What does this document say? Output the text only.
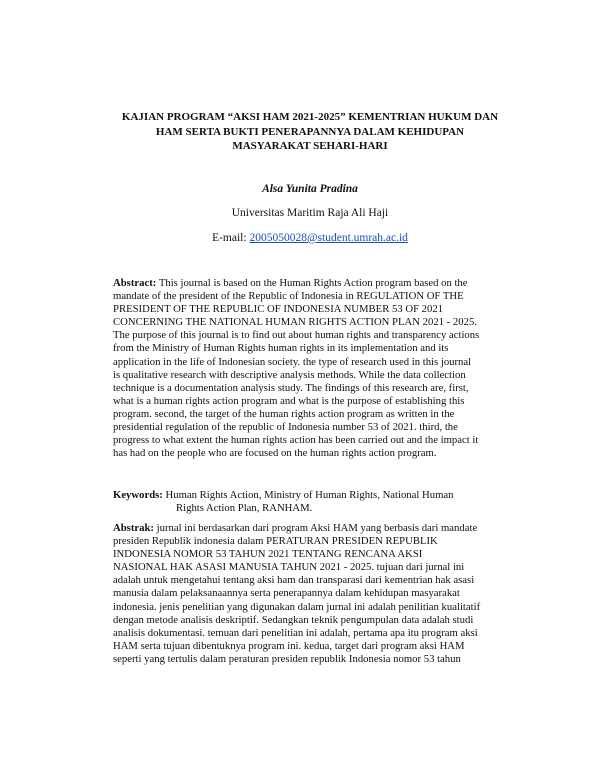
KAJIAN PROGRAM “AKSI HAM 2021-2025” KEMENTRIAN HUKUM DAN
HAM SERTA BUKTI PENERAPANNYA DALAM KEHIDUPAN
MASYARAKAT SEHARI-HARI
Alsa Yunita Pradina
Universitas Maritim Raja Ali Haji
E-mail: 2005050028@student.umrah.ac.id
Abstract: This journal is based on the Human Rights Action program based on the
mandate of the president of the Republic of Indonesia in REGULATION OF THE
PRESIDENT OF THE REPUBLIC OF INDONESIA NUMBER 53 OF 2021
CONCERNING THE NATIONAL HUMAN RIGHTS ACTION PLAN 2021 - 2025.
The purpose of this journal is to find out about human rights and transparency actions
from the Ministry of Human Rights human rights in its implementation and its
application in the life of Indonesian society. the type of research used in this journal
is qualitative research with descriptive analysis methods. While the data collection
technique is a documentation analysis study. The findings of this research are, first,
what is a human rights action program and what is the purpose of establishing this
program. second, the target of the human rights action program as written in the
presidential regulation of the republic of Indonesia number 53 of 2021. third, the
progress to what extent the human rights action has been carried out and the impact it
has had on the people who are focused on the human rights action program.
Keywords: Human Rights Action, Ministry of Human Rights, National Human
Rights Action Plan, RANHAM.
Abstrak: jurnal ini berdasarkan dari program Aksi HAM yang berbasis dari mandate
presiden Republik indonesia dalam PERATURAN PRESIDEN REPUBLIK
INDONESIA NOMOR 53 TAHUN 2021 TENTANG RENCANA AKSI
NASIONAL HAK ASASI MANUSIA TAHUN 2021 - 2025. tujuan dari jurnal ini
adalah untuk mengetahui tentang aksi ham dan transparasi dari kementrian hak asasi
manusia dalam pelaksanaannya serta penerapannya dalam kehidupan masyarakat
indonesia. jenis penelitian yang digunakan dalam jurnal ini adalah penilitian kualitatif
dengan metode analisis deskriptif. Sedangkan teknik pengumpulan data adalah studi
analisis dokumentasi. temuan dari penelitian ini adalah, pertama apa itu program aksi
HAM serta tujuan dibentuknya program ini. kedua, target dari program aksi HAM
seperti yang tertulis dalam peraturan presiden republik Indonesia nomor 53 tahun
